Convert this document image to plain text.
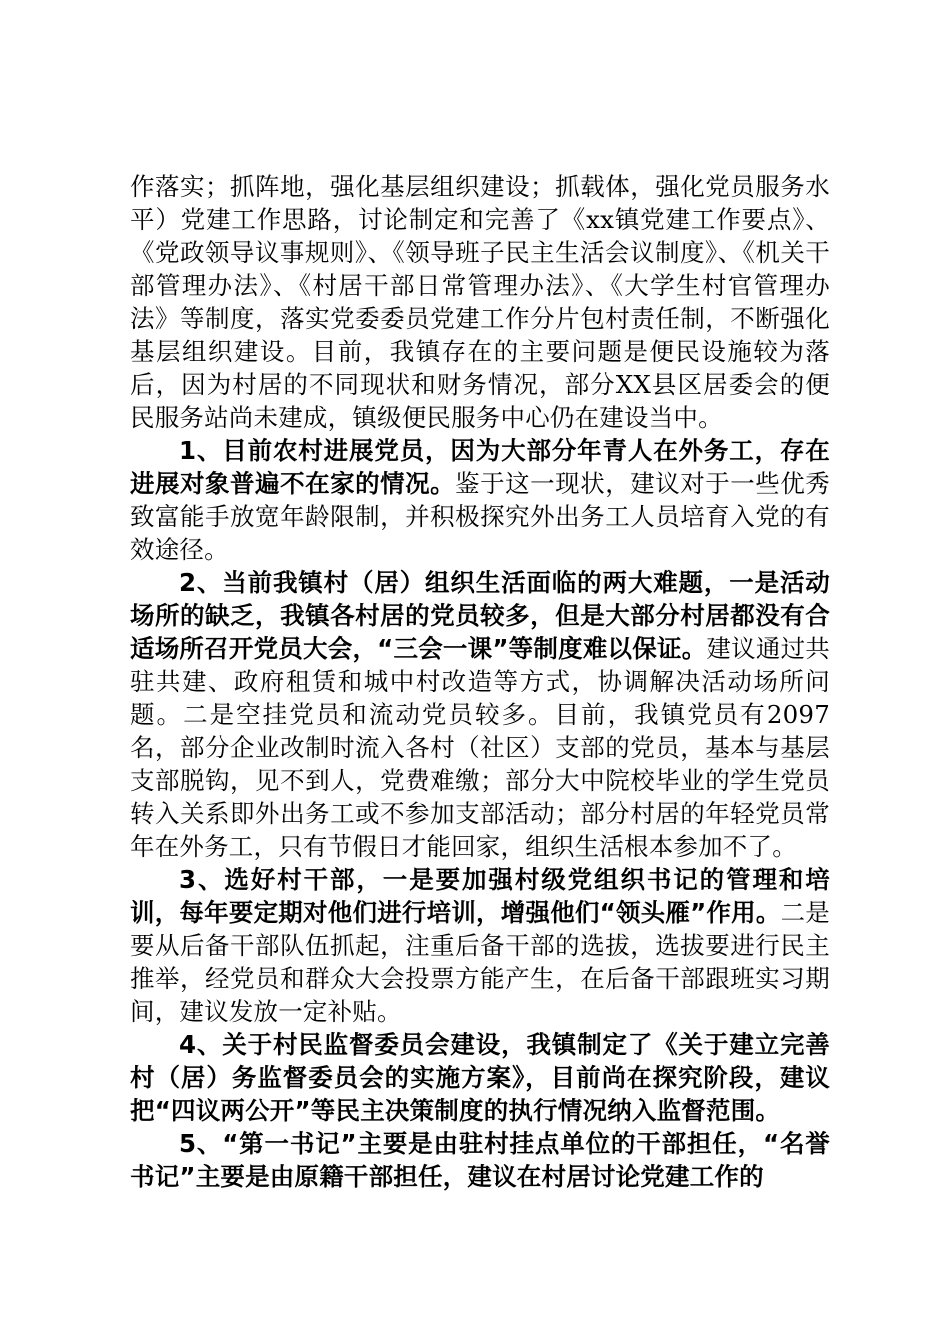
作落实；抓阵地，强化基层组织建设；抓载体，强化党员服务水平）党建工作思路，讨论制定和完善了《xx镇党建工作要点》、《党政领导议事规则》、《领导班子民主生活会议制度》、《机关干部管理办法》、《村居干部日常管理办法》、《大学生村官管理办法》等制度，落实党委委员党建工作分片包村责任制，不断强化基层组织建设。目前，我镇存在的主要问题是便民设施较为落后，因为村居的不同现状和财务情况，部分XX县区居委会的便民服务站尚未建成，镇级便民服务中心仍在建设当中。

1、目前农村进展党员，因为大部分年青人在外务工，存在进展对象普遍不在家的情况。鉴于这一现状，建议对于一些优秀致富能手放宽年龄限制，并积极探究外出务工人员培育入党的有效途径。

2、当前我镇村（居）组织生活面临的两大难题，一是活动场所的缺乏，我镇各村居的党员较多，但是大部分村居都没有合适场所召开党员大会，“三会一课”等制度难以保证。建议通过共驻共建、政府租赁和城中村改造等方式，协调解决活动场所问题。二是空挂党员和流动党员较多。目前，我镇党员有2097名，部分企业改制时流入各村（社区）支部的党员，基本与基层支部脱钩，见不到人，党费难缴；部分大中院校毕业的学生党员转入关系即外出务工或不参加支部活动；部分村居的年轻党员常年在外务工，只有节假日才能回家，组织生活根本参加不了。

3、选好村干部，一是要加强村级党组织书记的管理和培训，每年要定期对他们进行培训，增强他们“领头雁”作用。二是要从后备干部队伍抓起，注重后备干部的选拔，选拔要进行民主推举，经党员和群众大会投票方能产生，在后备干部跟班实习期间，建议发放一定补贴。

4、关于村民监督委员会建设，我镇制定了《关于建立完善村（居）务监督委员会的实施方案》，目前尚在探究阶段，建议把“四议两公开”等民主决策制度的执行情况纳入监督范围。

5、“第一书记”主要是由驻村挂点单位的干部担任，“名誉书记”主要是由原籍干部担任，建议在村居讨论党建工作的
